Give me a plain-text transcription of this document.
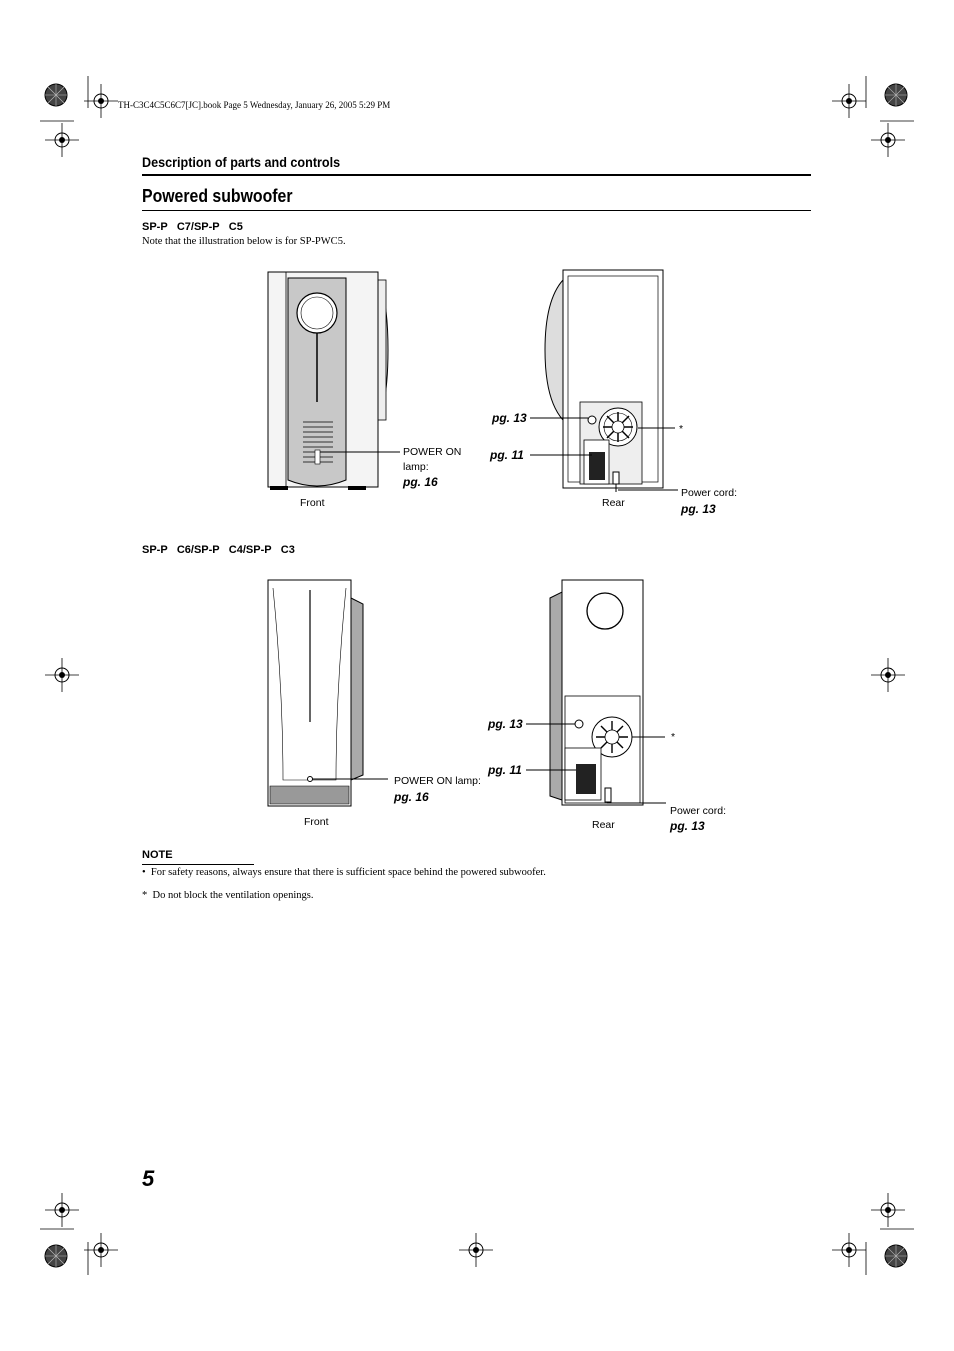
TH-C3C4C5C6C7[JC].book Page 5 Wednesday, January 26, 2005 5:29 PM
Description of parts and controls
Powered subwoofer
SP-P   C7/SP-P   C5
Note that the illustration below is for SP-PWC5.
Front
POWER ON lamp:
pg. 16
pg. 13
pg. 11
*
Rear
Power cord:
pg. 13
SP-P   C6/SP-P   C4/SP-P   C3
Front
POWER ON lamp:
pg. 16
pg. 13
pg. 11
*
Rear
Power cord:
pg. 13
NOTE
•  For safety reasons, always ensure that there is sufficient space behind the powered subwoofer.
*  Do not block the ventilation openings.
5
